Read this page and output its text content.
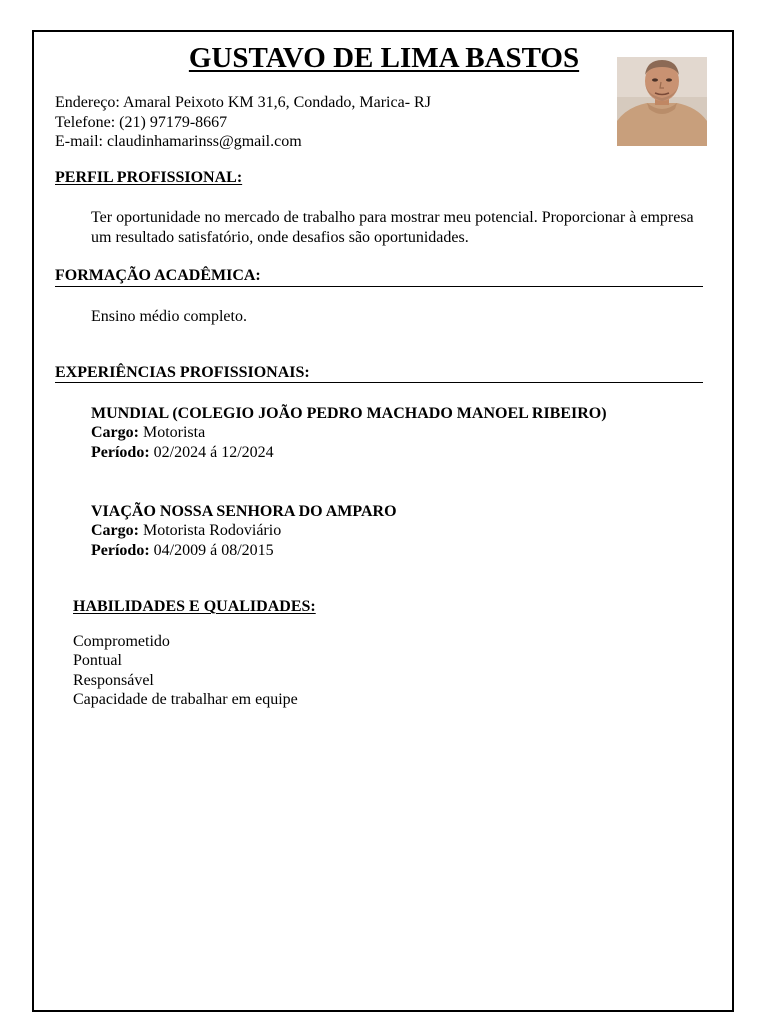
GUSTAVO DE LIMA BASTOS
Endereço: Amaral Peixoto KM 31,6, Condado, Marica- RJ
Telefone: (21) 97179-8667
E-mail: claudinhamarinss@gmail.com
PERFIL PROFISSIONAL:
Ter oportunidade no mercado de trabalho para mostrar meu potencial. Proporcionar à empresa um resultado satisfatório, onde desafios são oportunidades.
FORMAÇÃO ACADÊMICA:
Ensino médio completo.
EXPERIÊNCIAS PROFISSIONAIS:
MUNDIAL (COLEGIO JOÃO PEDRO MACHADO MANOEL RIBEIRO)
Cargo: Motorista
Período: 02/2024 á 12/2024
VIAÇÃO NOSSA SENHORA DO AMPARO
Cargo: Motorista Rodoviário
Período: 04/2009 á 08/2015
HABILIDADES E QUALIDADES:
Comprometido
Pontual
Responsável
Capacidade de trabalhar em equipe
